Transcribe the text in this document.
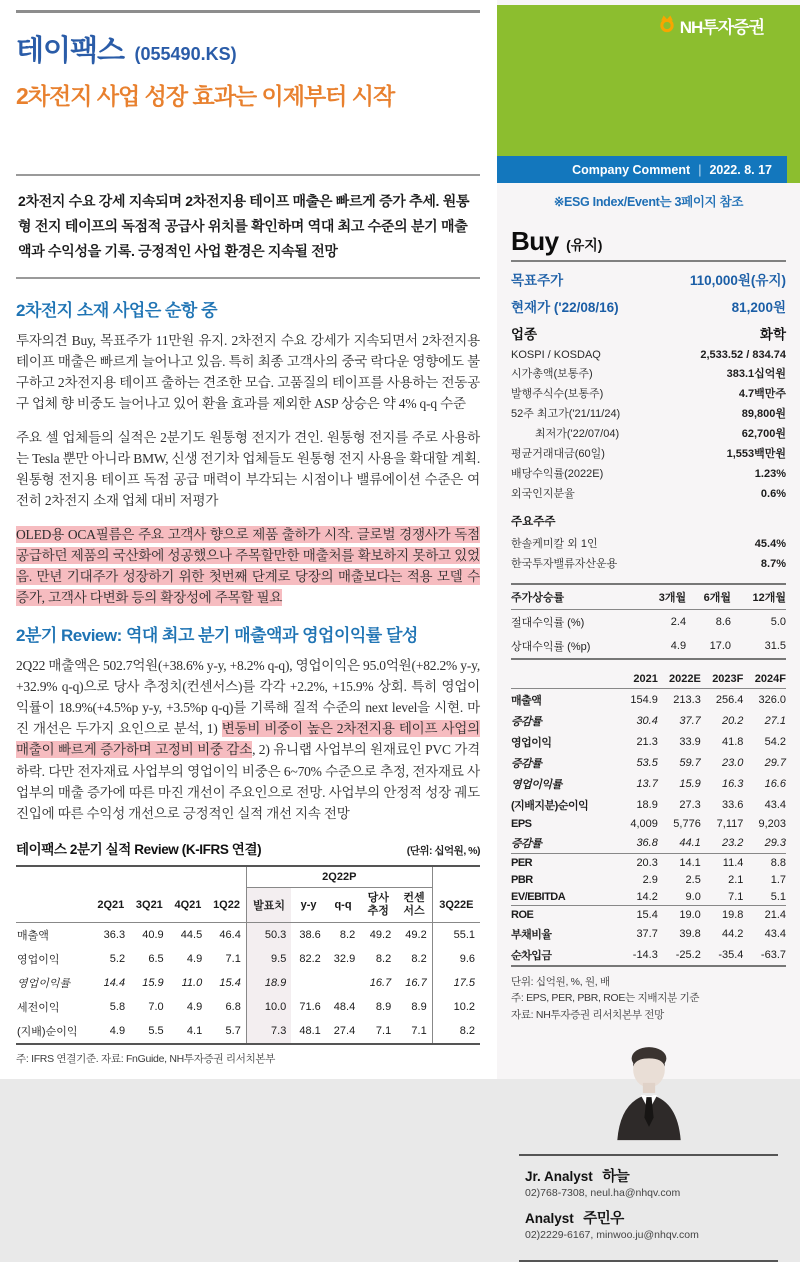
테이팩스 (055490.KS)
2차전지 사업 성장 효과는 이제부터 시작
2차전지 수요 강세 지속되며 2차전지용 테이프 매출은 빠르게 증가 추세. 원통형 전지 테이프의 독점적 공급사 위치를 확인하며 역대 최고 수준의 분기 매출액과 수익성을 기록. 긍정적인 사업 환경은 지속될 전망
2차전지 소재 사업은 순항 중

투자의견 Buy, 목표주가 11만원 유지. 2차전지 수요 강세가 지속되면서 2차전지용 테이프 매출은 빠르게 늘어나고 있음. 특히 최종 고객사의 중국 락다운 영향에도 불구하고 2차전지용 테이프 출하는 견조한 모습. 고품질의 테이프를 사용하는 전동공구 업체 향 비중도 늘어나고 있어 환율 효과를 제외한 ASP 상승은 약 4% q-q 수준

주요 셀 업체들의 실적은 2분기도 원통형 전지가 견인. 원통형 전지를 주로 사용하는 Tesla 뿐만 아니라 BMW, 신생 전기차 업체들도 원통형 전지 사용을 확대할 계획. 원통형 전지용 테이프 독점 공급 매력이 부각되는 시점이나 밸류에이션 수준은 여전히 2차전지 소재 업체 대비 저평가

OLED용 OCA필름은 주요 고객사 향으로 제품 출하가 시작. 글로벌 경쟁사가 독점 공급하던 제품의 국산화에 성공했으나 주목할만한 매출처를 확보하지 못하고 있었음. 만년 기대주가 성장하기 위한 첫번째 단계로 당장의 매출보다는 적용 모델 수 증가, 고객사 다변화 등의 확장성에 주목할 필요

2분기 Review: 역대 최고 분기 매출액과 영업이익률 달성

2Q22 매출액은 502.7억원(+38.6% y-y, +8.2% q-q), 영업이익은 95.0억원(+82.2% y-y, +32.9% q-q)으로 당사 추정치(컨센서스)를 각각 +2.2%, +15.9% 상회. 특히 영업이익률이 18.9%(+4.5%p y-y, +3.5%p q-q)를 기록해 질적 수준의 next level을 시현. 마진 개선은 두가지 요인으로 분석, 1) 변동비 비중이 높은 2차전지용 테이프 사업의 매출이 빠르게 증가하며 고정비 비중 감소, 2) 유니랩 사업부의 원재료인 PVC 가격 하락. 다만 전자재료 사업부의 영업이익 비중은 6~70% 수준으로 추정, 전자재료 사업부의 매출 증가에 따른 마진 개선이 주요인으로 전망. 사업부의 안정적 성장 궤도 진입에 따른 수익성 개선으로 긍정적인 실적 개선 지속 전망

테이팩스 2분기 실적 Review (K-IFRS 연결)	(단위: 십억원, %)
					2Q22P					
	2Q21	3Q21	4Q21	1Q22	발표치	y-y	q-q	당사 추정	컨센 서스	3Q22E
매출액	36.3	40.9	44.5	46.4	50.3	38.6	8.2	49.2	49.2	55.1
영업이익	5.2	6.5	4.9	7.1	9.5	82.2	32.9	8.2	8.2	9.6
영업이익률	14.4	15.9	11.0	15.4	18.9			16.7	16.7	17.5
세전이익	5.8	7.0	4.9	6.8	10.0	71.6	48.4	8.9	8.9	10.2
(지배)순이익	4.9	5.5	4.1	5.7	7.3	48.1	27.4	7.1	7.1	8.2
주: IFRS 연결기준. 자료: FnGuide, NH투자증권 리서치본부
NH투자증권
Company Comment | 2022. 8. 17
※ESG Index/Event는 3페이지 참조
Buy (유지)
목표주가	110,000원(유지)
현재가 ('22/08/16)	81,200원
업종	화학
KOSPI / KOSDAQ	2,533.52 / 834.74
시가총액(보통주)	383.1십억원
발행주식수(보통주)	4.7백만주
52주 최고가('21/11/24)	89,800원
최저가('22/07/04)	62,700원
평균거래대금(60일)	1,553백만원
배당수익률(2022E)	1.23%
외국인지분율	0.6%
주요주주
한솔케미칼 외 1인	45.4%
한국투자밸류자산운용	8.7%
주가상승률	3개월	6개월	12개월
절대수익률 (%)	2.4	8.6	5.0
상대수익률 (%p)	4.9	17.0	31.5
	2021	2022E	2023F	2024F
매출액	154.9	213.3	256.4	326.0
증감률	30.4	37.7	20.2	27.1
영업이익	21.3	33.9	41.8	54.2
증감률	53.5	59.7	23.0	29.7
영업이익률	13.7	15.9	16.3	16.6
(지배지분)순이익	18.9	27.3	33.6	43.4
EPS	4,009	5,776	7,117	9,203
증감률	36.8	44.1	23.2	29.3
PER	20.3	14.1	11.4	8.8
PBR	2.9	2.5	2.1	1.7
EV/EBITDA	14.2	9.0	7.1	5.1
ROE	15.4	19.0	19.8	21.4
부채비율	37.7	39.8	44.2	43.4
순차입금	-14.3	-25.2	-35.4	-63.7
단위: 십억원, %, 원, 배
주: EPS, PER, PBR, ROE는 지배지분 기준
자료: NH투자증권 리서치본부 전망
Jr. Analyst 하늘
02)768-7308, neul.ha@nhqv.com
Analyst 주민우
02)2229-6167, minwoo.ju@nhqv.com
